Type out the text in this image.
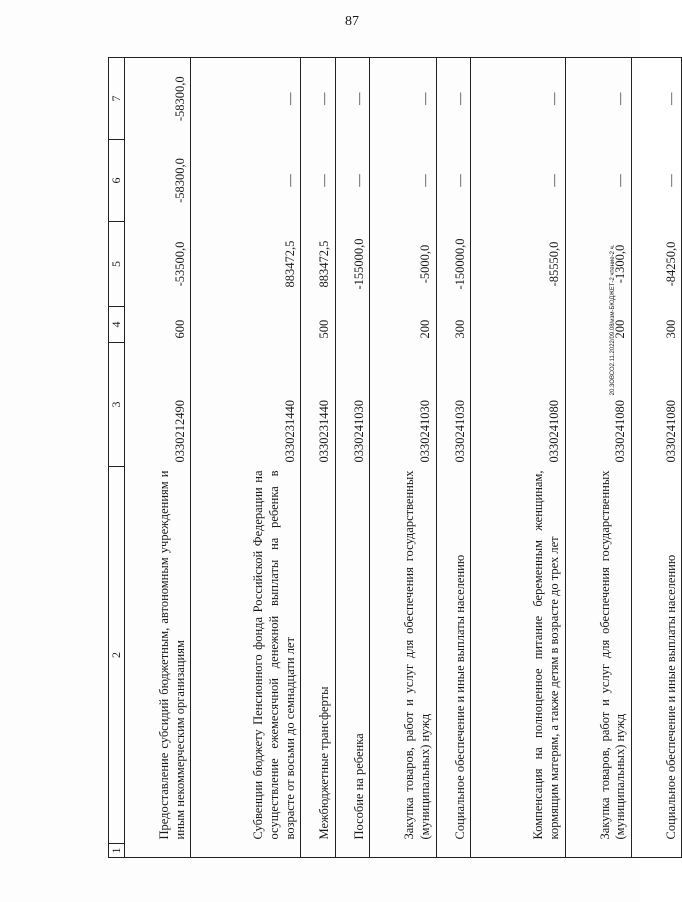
87
20.3ОВСО2.11.2022/09.08/изм-БЮДЖЕТ-2 чтение-2 ч.
1	2	3	4	5	6	7
	Предоставление субсидий бюджетным, автономным учреждениям и иным некоммерческим организациям	0330212490	600	-53500,0	-58300,0	-58300,0
	Субвенции бюджету Пенсионного фонда Российской Федерации на осуществление ежемесячной денежной выплаты на ребенка в возрасте от восьми до семнадцати лет	0330231440		883472,5	—	—
	Межбюджетные трансферты	0330231440	500	883472,5	—	—
	Пособие на ребенка	0330241030		-155000,0	—	—
	Закупка товаров, работ и услуг для обеспечения государственных (муниципальных) нужд	0330241030	200	-5000,0	—	—
	Социальное обеспечение и иные выплаты населению	0330241030	300	-150000,0	—	—
	Компенсация на полноценное питание беременным женщинам, кормящим матерям, а также детям в возрасте до трех лет	0330241080		-85550,0	—	—
	Закупка товаров, работ и услуг для обеспечения государственных (муниципальных) нужд	0330241080	200	-1300,0	—	—
	Социальное обеспечение и иные выплаты населению	0330241080	300	-84250,0	—	—
